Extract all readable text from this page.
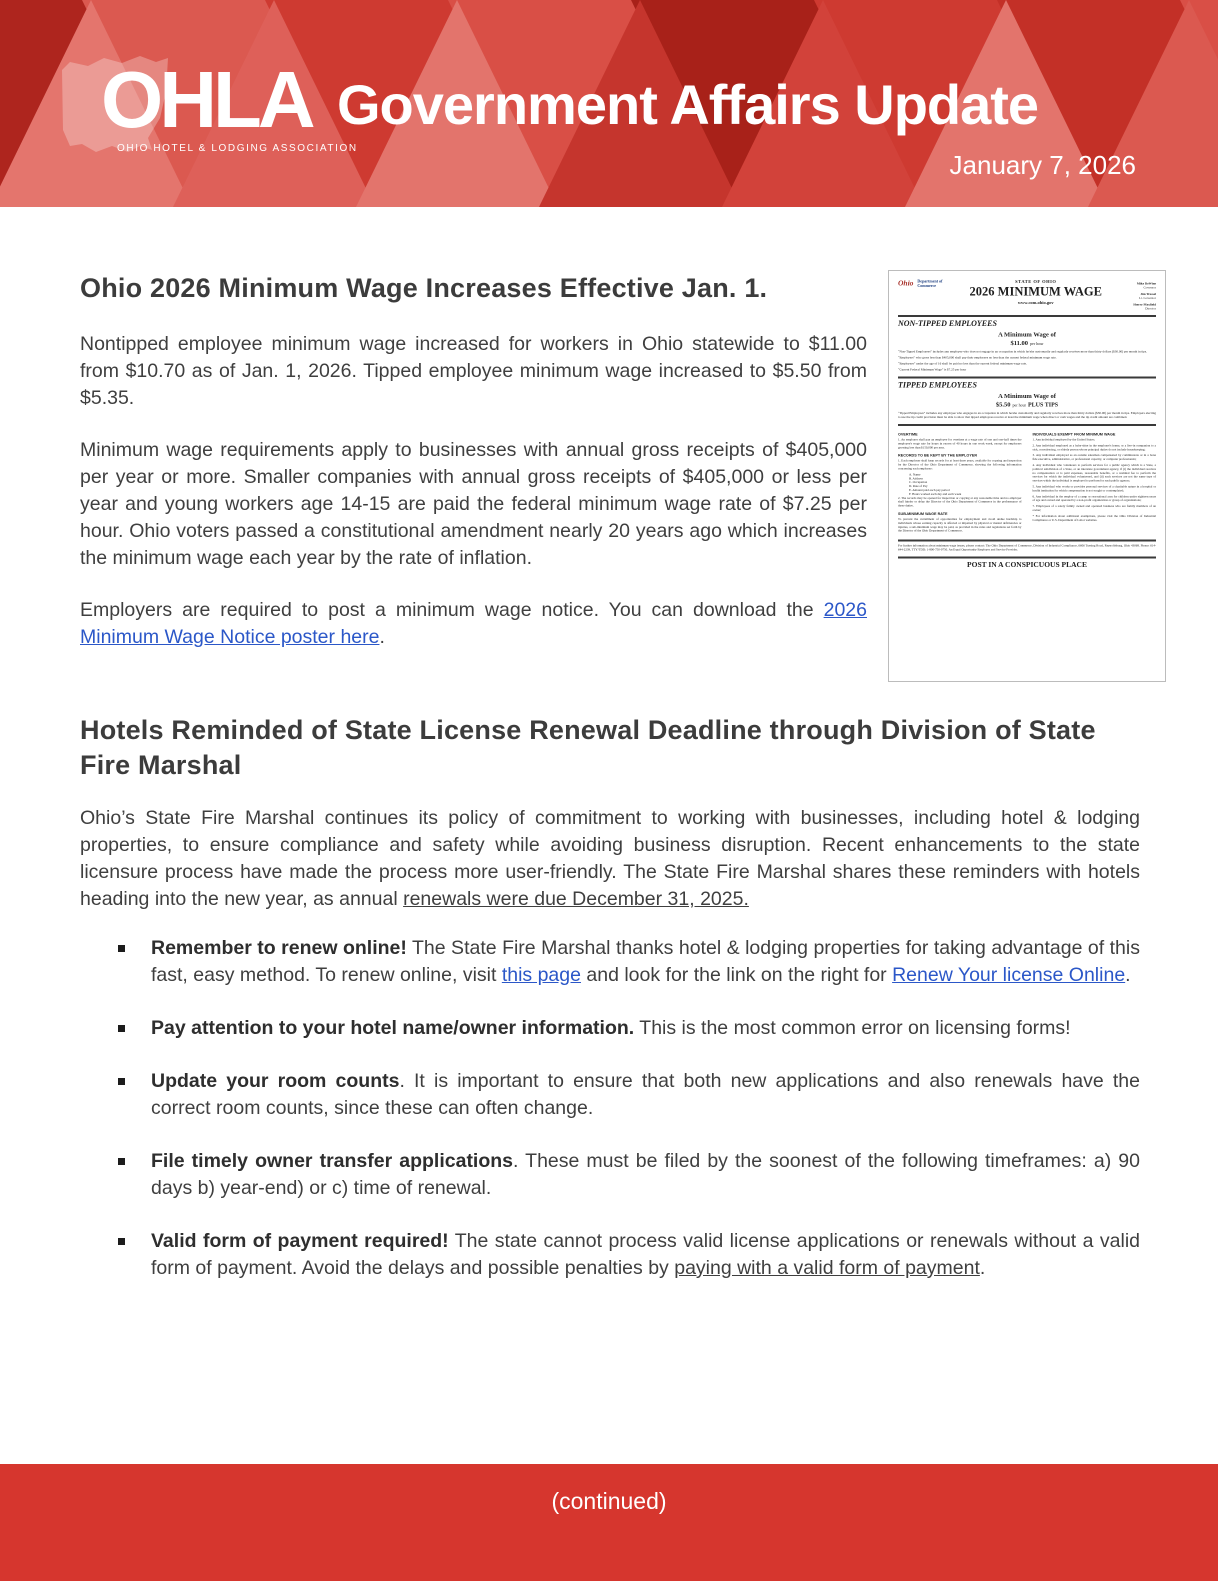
OHLA
OHIO HOTEL & LODGING ASSOCIATION
Government Affairs Update
January 7, 2026
Ohio 2026 Minimum Wage Increases Effective Jan. 1.

Nontipped employee minimum wage increased for workers in Ohio statewide to $11.00 from $10.70 as of Jan. 1, 2026. Tipped employee minimum wage increased to $5.50 from $5.35.

Minimum wage requirements apply to businesses with annual gross receipts of $405,000 per year or more. Smaller companies with annual gross receipts of $405,000 or less per year and young workers age 14-15 are paid the federal minimum wage rate of $7.25 per hour. Ohio voters passed a constitutional amendment nearly 20 years ago which increases the minimum wage each year by the rate of inflation.

Employers are required to post a minimum wage notice. You can download the 2026 Minimum Wage Notice poster here.

Ohio Department of Commerce
STATE OF OHIO
2026 MINIMUM WAGE
www.com.ohio.gov
Mike DeWine
Governor
Jim Tressel
Lt. Governor
Sherry Maxfield
Director
NON-TIPPED EMPLOYEES
A Minimum Wage of
$11.00 per hour
“Non-Tipped Employees” includes any employee who does not engage in an occupation in which he/she customarily and regularly receives more than thirty dollars ($30.00) per month in tips.
“Employers” who gross less than $405,000 shall pay their employees no less than the current federal minimum wage rate.
“Employees” under the age of 16 shall be paid no less than the current federal minimum wage rate.
“Current Federal Minimum Wage” is $7.25 per hour
TIPPED EMPLOYEES
A Minimum Wage of
$5.50 per hour PLUS TIPS
“Tipped Employees” includes any employee who engages in an occupation in which he/she customarily and regularly receives more than thirty dollars ($30.00) per month in tips. Employers electing to use the tip credit provision must be able to show that tipped employees receive at least the minimum wage when direct or cash wages and the tip credit amount are combined.
OVERTIME
1. An employer shall pay an employee for overtime at a wage rate of one and one-half times the employee's wage rate for hours in excess of 40 hours in one work week, except for employers grossing less than $150,000 per year.
RECORDS TO BE KEPT BY THE EMPLOYER
1. Each employer shall keep records for at least three years, available for copying and inspection by the Director of the Ohio Department of Commerce, showing the following information concerning each employee:
A. Name
B. Address
C. Occupation
D. Rate of Pay
E. Amount paid each pay period
F. Hours worked each day and each week
2. The records may be opened for inspection or copying at any reasonable time and no employer shall hinder or delay the Director of the Ohio Department of Commerce in the performance of these duties.
SUB-MINIMUM WAGE RATE
To prevent the curtailment of opportunities for employment and avoid undue hardship to individuals whose earning capacity is affected or impaired by physical or mental deficiencies or injuries, a sub-minimum wage may be paid, as provided in the rules and regulations set forth by the Director of the Ohio Department of Commerce.
INDIVIDUALS EXEMPT FROM MINIMUM WAGE
1. Any individual employed by the United States;
2. Any individual employed as a baby-sitter in the employer's home, or a live-in companion to a sick, convalescing, or elderly person whose principal duties do not include housekeeping;
3. Any individual employed as an outside salesman compensated by commissions or in a bona fide executive, administrative, or professional capacity, or computer professionals;
4. Any individual who volunteers to perform services for a public agency which is a State, a political subdivision of a State, or an interstate government agency, if (i) the individual receives no compensation or is paid expenses, reasonable benefits, or a nominal fee to perform the services for which the individual volunteered, and (ii) such services are not the same type of services which the individual is employed to perform for such public agency;
5. Any individual who works or provides personal services of a charitable nature in a hospital or health institution for which compensation is not sought or contemplated;
6. Any individual in the employ of a camp or recreational area for children under eighteen years of age and owned and operated by a non-profit organization or group of organizations;
7. Employees of a solely family owned and operated business who are family members of an owner;
* For information about additional exemptions, please visit the Ohio Division of Industrial Compliance or U.S. Department of Labor websites.
For further information about minimum wage issues, please contact: The Ohio Department of Commerce, Division of Industrial Compliance, 6606 Tussing Road, Reynoldsburg, Ohio 43068. Phone: 614-644-2239, TTY/TDD: 1-800-750-0750. An Equal Opportunity Employer and Service Provider.
POST IN A CONSPICUOUS PLACE
Hotels Reminded of State License Renewal Deadline through Division of State Fire Marshal

Ohio’s State Fire Marshal continues its policy of commitment to working with businesses, including hotel & lodging properties, to ensure compliance and safety while avoiding business disruption. Recent enhancements to the state licensure process have made the process more user-friendly. The State Fire Marshal shares these reminders with hotels heading into the new year, as annual renewals were due December 31, 2025.

Remember to renew online! The State Fire Marshal thanks hotel & lodging properties for taking advantage of this fast, easy method. To renew online, visit this page and look for the link on the right for Renew Your license Online.
Pay attention to your hotel name/owner information. This is the most common error on licensing forms!
Update your room counts. It is important to ensure that both new applications and also renewals have the correct room counts, since these can often change.
File timely owner transfer applications. These must be filed by the soonest of the following timeframes: a) 90 days b) year-end) or c) time of renewal.
Valid form of payment required! The state cannot process valid license applications or renewals without a valid form of payment. Avoid the delays and possible penalties by paying with a valid form of payment.
(continued)
